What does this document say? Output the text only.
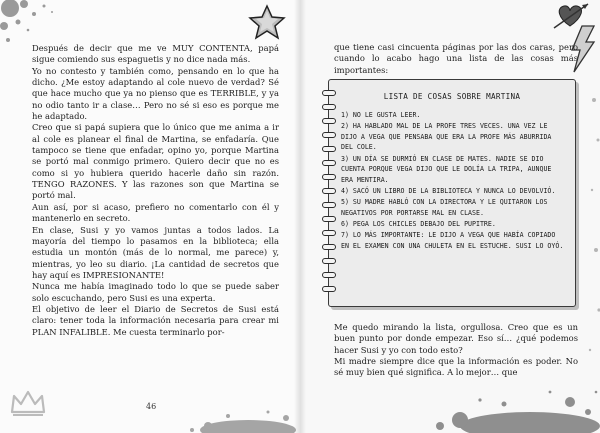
Después de decir que me ve MUY CONTENTA, papá sigue comiendo sus espaguetis y no dice nada más.
Yo no contesto y también como, pensando en lo que ha dicho. ¿Me estoy adaptando al cole nuevo de verdad? Sé que hace mucho que ya no pienso que es TERRIBLE, y ya no odio tanto ir a clase… Pero no sé si eso es porque me he adaptado.
Creo que si papá supiera que lo único que me anima a ir al cole es planear el final de Martina, se enfadaría. Que tampoco se tiene que enfadar, opino yo, porque Martina se portó mal conmigo primero. Quiero decir que no es como si yo hubiera querido hacerle daño sin razón. TENGO RAZONES. Y las razones son que Martina se portó mal.
Aun así, por si acaso, prefiero no comentarlo con él y mantenerlo en secreto.
En clase, Susi y yo vamos juntas a todos lados. La mayoría del tiempo lo pasamos en la biblioteca; ella estudia un montón (más de lo normal, me parece) y, mientras, yo leo su diario. ¡La cantidad de secretos que hay aquí es IMPRESIONANTE!
Nunca me había imaginado todo lo que se puede saber solo escuchando, pero Susi es una experta.
El objetivo de leer el Diario de Secretos de Susi está claro: tener toda la información necesaria para crear mi PLAN INFALIBLE. Me cuesta terminarlo por-

46

que tiene casi cincuenta páginas por las dos caras, pero cuando lo acabo hago una lista de las cosas más importantes:

LISTA DE COSAS SOBRE MARTINA
1) NO LE GUSTA LEER.
2) HA HABLADO MAL DE LA PROFE TRES VECES. UNA VEZ LE DIJO A VEGA QUE PENSABA QUE ERA LA PROFE MÁS ABURRIDA DEL COLE.
3) UN DÍA SE DURMIÓ EN CLASE DE MATES. NADIE SE DIO CUENTA PORQUE VEGA DIJO QUE LE DOLÍA LA TRIPA, AUNQUE ERA MENTIRA.
4) SACÓ UN LIBRO DE LA BIBLIOTECA Y NUNCA LO DEVOLVIÓ.
5) SU MADRE HABLÓ CON LA DIRECTORA Y LE QUITARON LOS NEGATIVOS POR PORTARSE MAL EN CLASE.
6) PEGA LOS CHICLES DEBAJO DEL PUPITRE.
7) LO MÁS IMPORTANTE: LE DIJO A VEGA QUE HABÍA COPIADO EN EL EXAMEN CON UNA CHULETA EN EL ESTUCHE. SUSI LO OYÓ.

Me quedo mirando la lista, orgullosa. Creo que es un buen punto por donde empezar. Eso sí… ¿qué podemos hacer Susi y yo con todo esto?
Mi madre siempre dice que la información es poder. No sé muy bien qué significa. A lo mejor… que
